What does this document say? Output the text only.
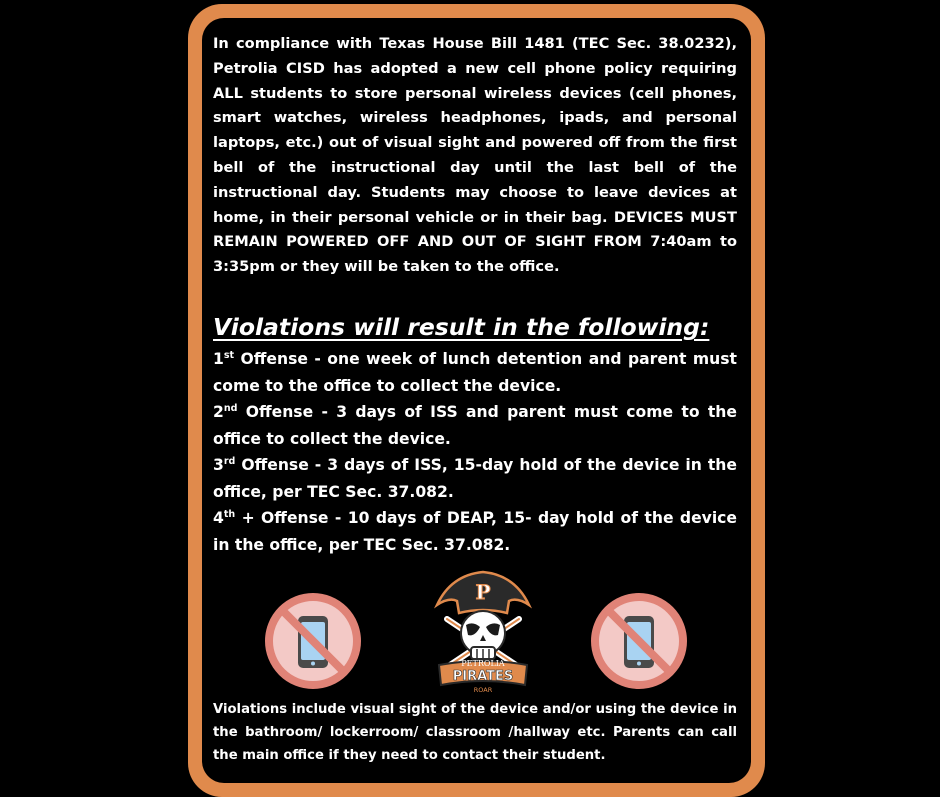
In compliance with Texas House Bill 1481 (TEC Sec. 38.0232), Petrolia CISD has adopted a new cell phone policy requiring ALL students to store personal wireless devices (cell phones, smart watches, wireless headphones, ipads, and personal laptops, etc.) out of visual sight and powered off from the first bell of the instructional day until the last bell of the instructional day. Students may choose to leave devices at home, in their personal vehicle or in their bag. DEVICES MUST REMAIN POWERED OFF AND OUT OF SIGHT FROM 7:40am to 3:35pm or they will be taken to the office.

Violations will result in the following:
1st Offense - one week of lunch detention and parent must come to the office to collect the device.
2nd Offense - 3 days of ISS and parent must come to the office to collect the device.
3rd Offense - 3 days of ISS, 15-day hold of the device in the office, per TEC Sec. 37.082.
4th + Offense - 10 days of DEAP, 15- day hold of the device in the office, per TEC Sec. 37.082.
P
PETROLIA
PIRATES
ROAR

Violations include visual sight of the device and/or using the device in the bathroom/ lockerroom/ classroom /hallway etc. Parents can call the main office if they need to contact their student.
